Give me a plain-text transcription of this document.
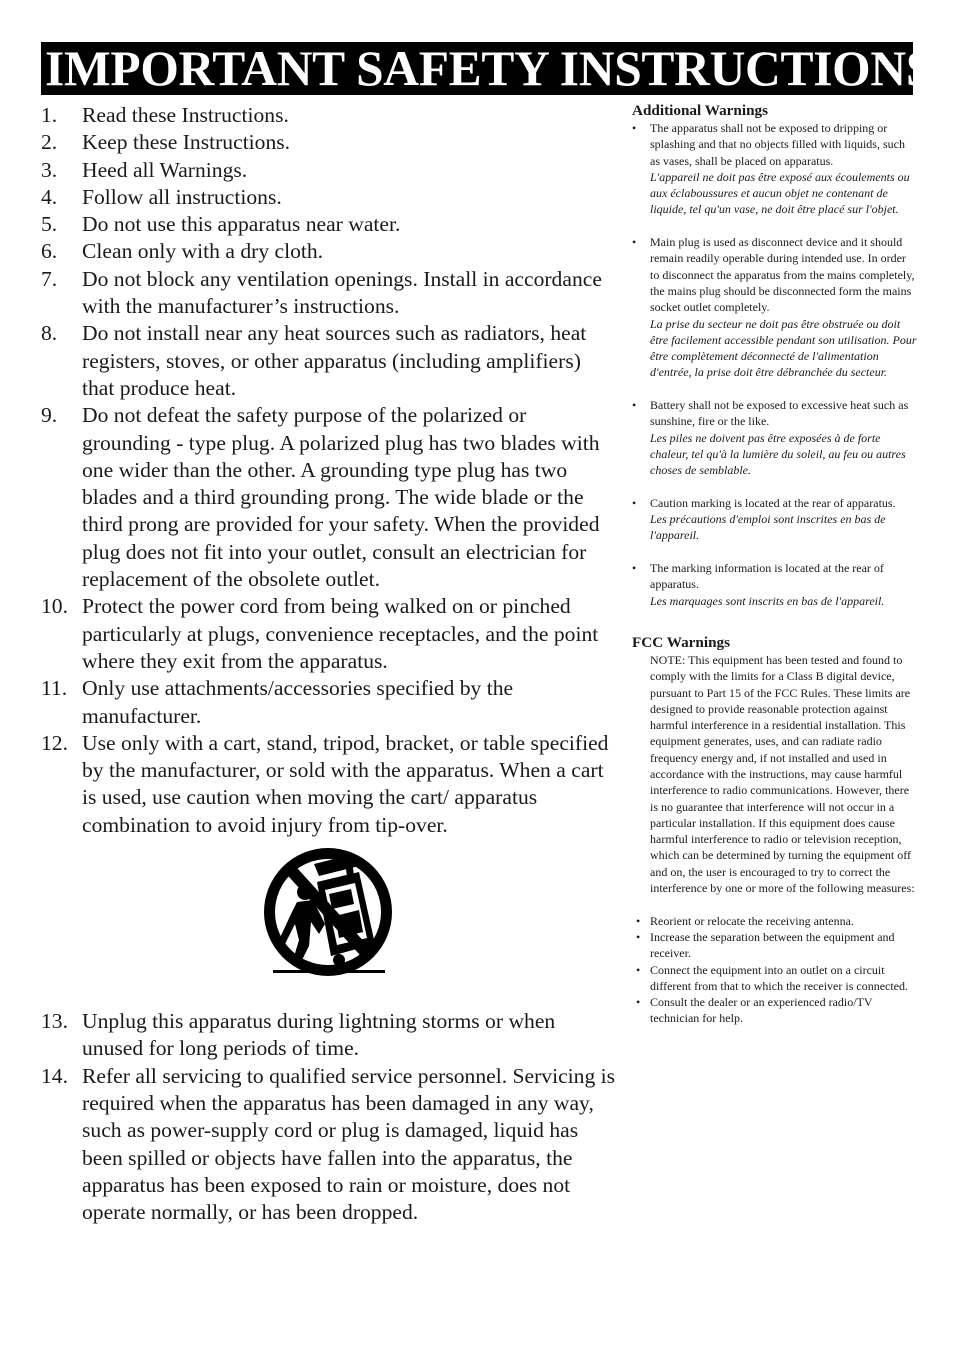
IMPORTANT SAFETY INSTRUCTIONS
1. Read these Instructions.
2. Keep these Instructions.
3. Heed all Warnings.
4. Follow all instructions.
5. Do not use this apparatus near water.
6. Clean only with a dry cloth.
7. Do not block any ventilation openings. Install in accordance with the manufacturer’s instructions.
8. Do not install near any heat sources such as radiators, heat registers, stoves, or other apparatus (including amplifiers) that produce heat.
9. Do not defeat the safety purpose of the polarized or grounding - type plug. A polarized plug has two blades with one wider than the other. A grounding type plug has two blades and a third grounding prong. The wide blade or the third prong are provided for your safety. When the provided plug does not fit into your outlet, consult an electrician for replacement of the obsolete outlet.
10. Protect the power cord from being walked on or pinched particularly at plugs, convenience receptacles, and the point where they exit from the apparatus.
11. Only use attachments/accessories specified by the manufacturer.
12. Use only with a cart, stand, tripod, bracket, or table specified by the manufacturer, or sold with the apparatus. When a cart is used, use caution when moving the cart/ apparatus combination to avoid injury from tip-over.
13. Unplug this apparatus during lightning storms or when unused for long periods of time.
14. Refer all servicing to qualified service personnel. Servicing is required when the apparatus has been damaged in any way, such as power-supply cord or plug is damaged, liquid has been spilled or objects have fallen into the apparatus, the apparatus has been exposed to rain or moisture, does not operate normally, or has been dropped.
Additional Warnings
• The apparatus shall not be exposed to dripping or splashing and that no objects filled with liquids, such as vases, shall be placed on apparatus.
L'appareil ne doit pas être exposé aux écoulements ou aux éclaboussures et aucun objet ne contenant de liquide, tel qu'un vase, ne doit être placé sur l'objet.
• Main plug is used as disconnect device and it should remain readily operable during intended use. In order to disconnect the apparatus from the mains completely, the mains plug should be disconnected form the mains socket outlet completely.
La prise du secteur ne doit pas être obstruée ou doit être facilement accessible pendant son utilisation. Pour être complètement déconnecté de l'alimentation d'entrée, la prise doit être débranchée du secteur.
• Battery shall not be exposed to excessive heat such as sunshine, fire or the like.
Les piles ne doivent pas être exposées à de forte chaleur, tel qu'à la lumière du soleil, au feu ou autres choses de semblable.
• Caution marking is located at the rear of apparatus.
Les précautions d'emploi sont inscrites en bas de l'appareil.
• The marking information is located at the rear of apparatus.
Les marquages sont inscrits en bas de l'appareil.
FCC Warnings

NOTE: This equipment has been tested and found to comply with the limits for a Class B digital device, pursuant to Part 15 of the FCC Rules. These limits are designed to provide reasonable protection against harmful interference in a residential installation. This equipment generates, uses, and can radiate radio frequency energy and, if not installed and used in accordance with the instructions, may cause harmful interference to radio communications. However, there is no guarantee that interference will not occur in a particular installation. If this equipment does cause harmful interference to radio or television reception, which can be determined by turning the equipment off and on, the user is encouraged to try to correct the interference by one or more of the following measures:

• Reorient or relocate the receiving antenna.
• Increase the separation between the equipment and receiver.
• Connect the equipment into an outlet on a circuit different from that to which the receiver is connected.
• Consult the dealer or an experienced radio/TV technician for help.
